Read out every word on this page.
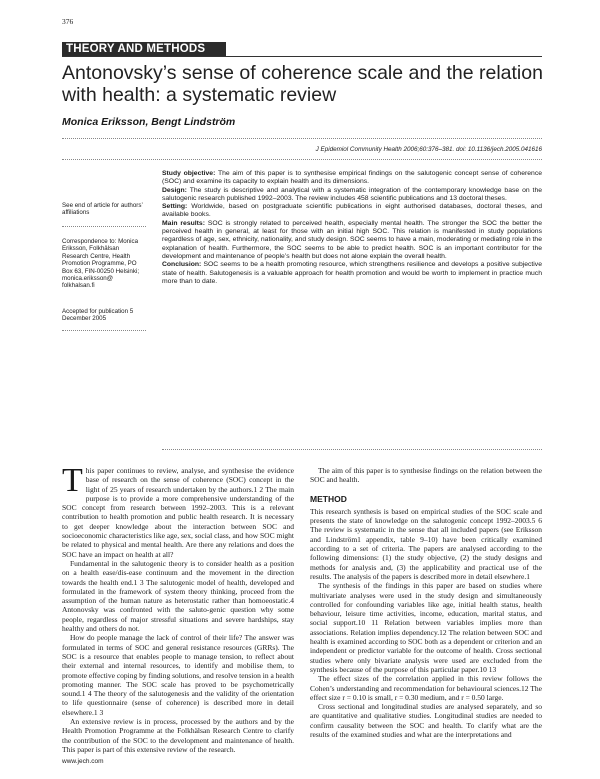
376
THEORY AND METHODS
Antonovsky’s sense of coherence scale and the relation with health: a systematic review
Monica Eriksson, Bengt Lindström
J Epidemiol Community Health 2006;60:376–381. doi: 10.1136/jech.2005.041616
See end of article for authors’ affiliations
Correspondence to: Monica Eriksson, Folkhälsan Research Centre, Health Promotion Programme, PO Box 63, FIN-00250 Helsinki; monica.eriksson@ folkhalsan.fi
Accepted for publication 5 December 2005

Study objective: The aim of this paper is to synthesise empirical findings on the salutogenic concept sense of coherence (SOC) and examine its capacity to explain health and its dimensions.

Design: The study is descriptive and analytical with a systematic integration of the contemporary knowledge base on the salutogenic research published 1992–2003. The review includes 458 scientific publications and 13 doctoral theses.

Setting: Worldwide, based on postgraduate scientific publications in eight authorised databases, doctoral theses, and available books.

Main results: SOC is strongly related to perceived health, especially mental health. The stronger the SOC the better the perceived health in general, at least for those with an initial high SOC. This relation is manifested in study populations regardless of age, sex, ethnicity, nationality, and study design. SOC seems to have a main, moderating or mediating role in the explanation of health. Furthermore, the SOC seems to be able to predict health. SOC is an important contributor for the development and maintenance of people’s health but does not alone explain the overall health.

Conclusion: SOC seems to be a health promoting resource, which strengthens resilience and develops a positive subjective state of health. Salutogenesis is a valuable approach for health promotion and would be worth to implement in practice much more than to date.

This paper continues to review, analyse, and synthesise the evidence base of research on the sense of coherence (SOC) concept in the light of 25 years of research undertaken by the authors.1 2 The main purpose is to provide a more comprehensive understanding of the SOC concept from research between 1992–2003. This is a relevant contribution to health promotion and public health research. It is necessary to get deeper knowledge about the interaction between SOC and socioeconomic characteristics like age, sex, social class, and how SOC might be related to physical and mental health. Are there any relations and does the SOC have an impact on health at all?

Fundamental in the salutogenic theory is to consider health as a position on a health ease/dis-ease continuum and the movement in the direction towards the health end.1 3 The salutogenic model of health, developed and formulated in the framework of system theory thinking, proceed from the assumption of the human nature as heterostatic rather than homoeostatic.4 Antonovsky was confronted with the saluto-genic question why some people, regardless of major stressful situations and severe hardships, stay healthy and others do not.

How do people manage the lack of control of their life? The answer was formulated in terms of SOC and general resistance resources (GRRs). The SOC is a resource that enables people to manage tension, to reflect about their external and internal resources, to identify and mobilise them, to promote effective coping by finding solutions, and resolve tension in a health promoting manner. The SOC scale has proved to be psychometrically sound.1 4 The theory of the salutogenesis and the validity of the orientation to life questionnaire (sense of coherence) is described more in detail elsewhere.1 3

An extensive review is in process, processed by the authors and by the Health Promotion Programme at the Folkhälsan Research Centre to clarify the contribution of the SOC to the development and maintenance of health. This paper is part of this extensive review of the research.

The aim of this paper is to synthesise findings on the relation between the SOC and health.

METHOD

This research synthesis is based on empirical studies of the SOC scale and presents the state of knowledge on the salutogenic concept 1992–2003.5 6 The review is systematic in the sense that all included papers (see Eriksson and Lindström1 appendix, table 9–10) have been critically examined according to a set of criteria. The papers are analysed according to the following dimensions: (1) the study objective, (2) the study designs and methods for analysis and, (3) the applicability and practical use of the results. The analysis of the papers is described more in detail elsewhere.1

The synthesis of the findings in this paper are based on studies where multivariate analyses were used in the study design and simultaneously controlled for confounding variables like age, initial health status, health behaviour, leisure time activities, income, education, marital status, and social support.10 11 Relation between variables implies more than associations. Relation implies dependency.12 The relation between SOC and health is examined according to SOC both as a dependent or criterion and an independent or predictor variable for the outcome of health. Cross sectional studies where only bivariate analysis were used are excluded from the synthesis because of the purpose of this particular paper.10 13

The effect sizes of the correlation applied in this review follows the Cohen’s understanding and recommendation for behavioural sciences.12 The effect size r = 0.10 is small, r = 0.30 medium, and r = 0.50 large.

Cross sectional and longitudinal studies are analysed separately, and so are quantitative and qualitative studies. Longitudinal studies are needed to confirm causality between the SOC and health. To clarify what are the results of the examined studies and what are the interpretations and

www.jech.com
